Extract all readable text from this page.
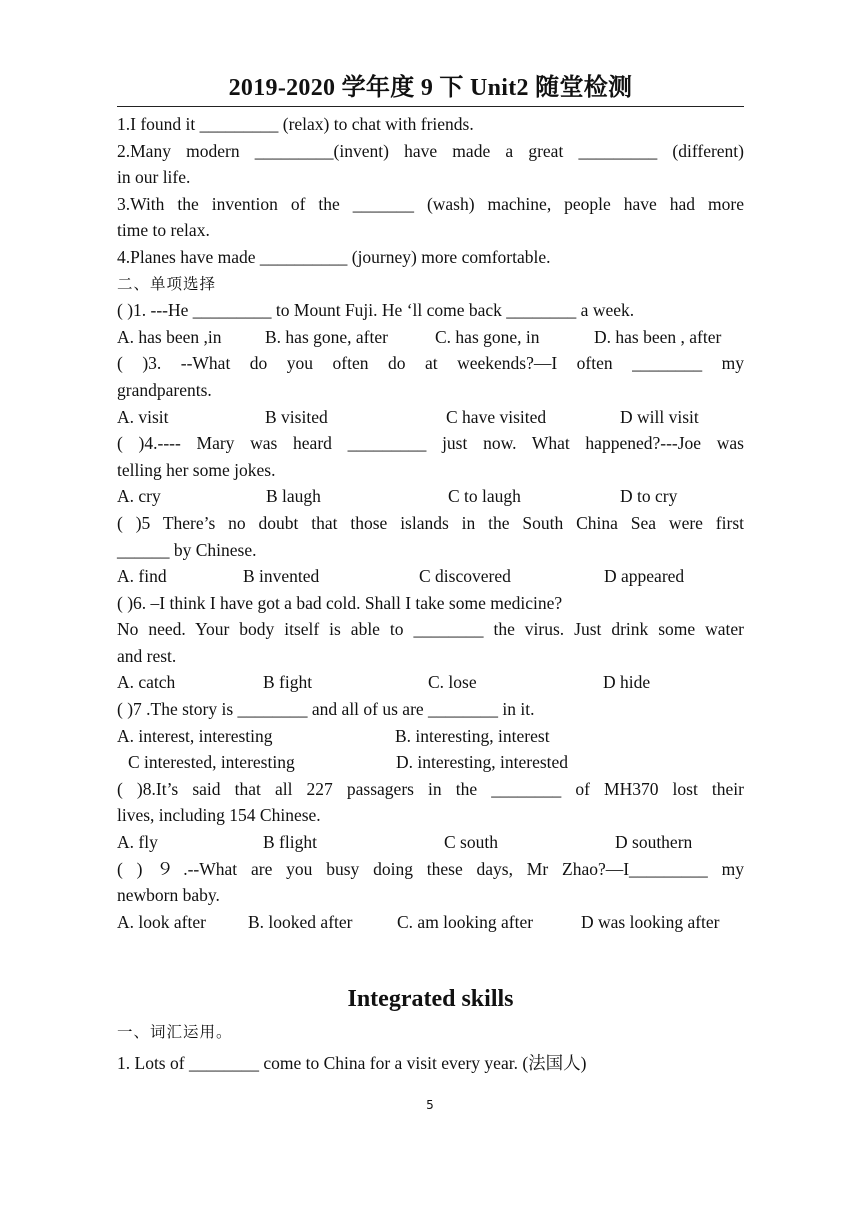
2019-2020 学年度 9 下 Unit2 随堂检测
1.I found it _________ (relax) to chat with friends.
2.Many modern _________(invent) have made a great _________ (different)
in our life.
3.With the invention of the _______ (wash) machine, people have had more
time to relax.
4.Planes have made __________ (journey) more comfortable.
二、单项选择
( )1. ---He _________ to Mount Fuji. He ‘ll come back ________ a week.
A. has been ,in	B. has gone, after	C. has gone, in	D. has been , after
( )3. --What do you often do at weekends?—I often ________ my
grandparents.
A. visit	B visited	C have visited	D will visit
( )4.---- Mary was heard _________ just now. What happened?---Joe was
telling her some jokes.
A. cry	B laugh	C to laugh	D to cry
( )5 There’s no doubt that those islands in the South China Sea were first
______ by Chinese.
A. find	B invented	C discovered	D appeared
( )6. –I think I have got a bad cold. Shall I take some medicine?
No need. Your body itself is able to ________ the virus. Just drink some water
and rest.
A. catch	B fight	C. lose	D hide
( )7 .The story is ________ and all of us are ________ in it.
A. interest, interesting	B. interesting, interest
C interested, interesting	D. interesting, interested
( )8.It’s said that all 227 passagers in the ________ of MH370 lost their
lives, including 154 Chinese.
A. fly	B flight	C south	D southern
( ) ９.--What are you busy doing these days, Mr Zhao?—I_________ my
newborn baby.
A. look after	B. looked after	C. am looking after	D was looking after
Integrated skills
一、词汇运用。
1. Lots of ________ come to China for a visit every year. (法国人)
5
